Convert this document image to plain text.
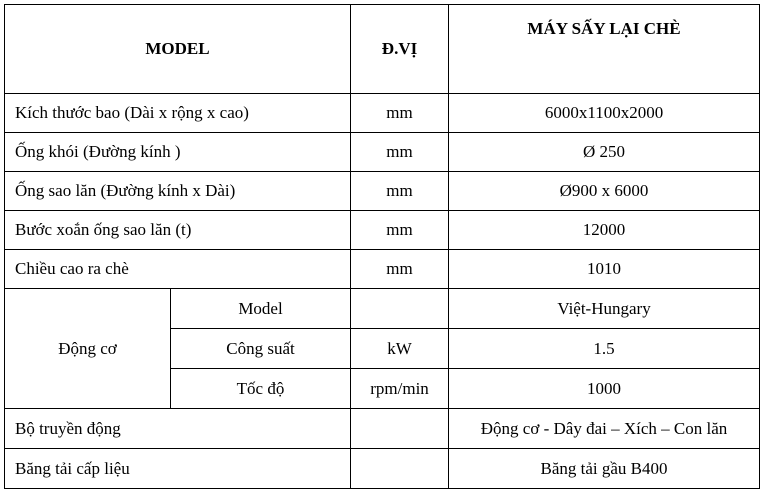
MODEL		Đ.VỊ	MÁY SẤY LẠI CHÈ
Kích thước bao (Dài x rộng x cao)		mm	6000x1100x2000
Ống khói (Đường kính )		mm	Ø 250
Ống sao lăn (Đường kính x Dài)		mm	Ø900 x 6000
Bước xoắn ống sao lăn (t)		mm	12000
Chiều cao ra chè		mm	1010
Động cơ	Model		Việt-Hungary
	Công suất	kW	1.5
	Tốc độ	rpm/min	1000
Bộ truyền động			Động cơ - Dây đai – Xích – Con lăn
Băng tải cấp liệu			Băng tải gầu B400
